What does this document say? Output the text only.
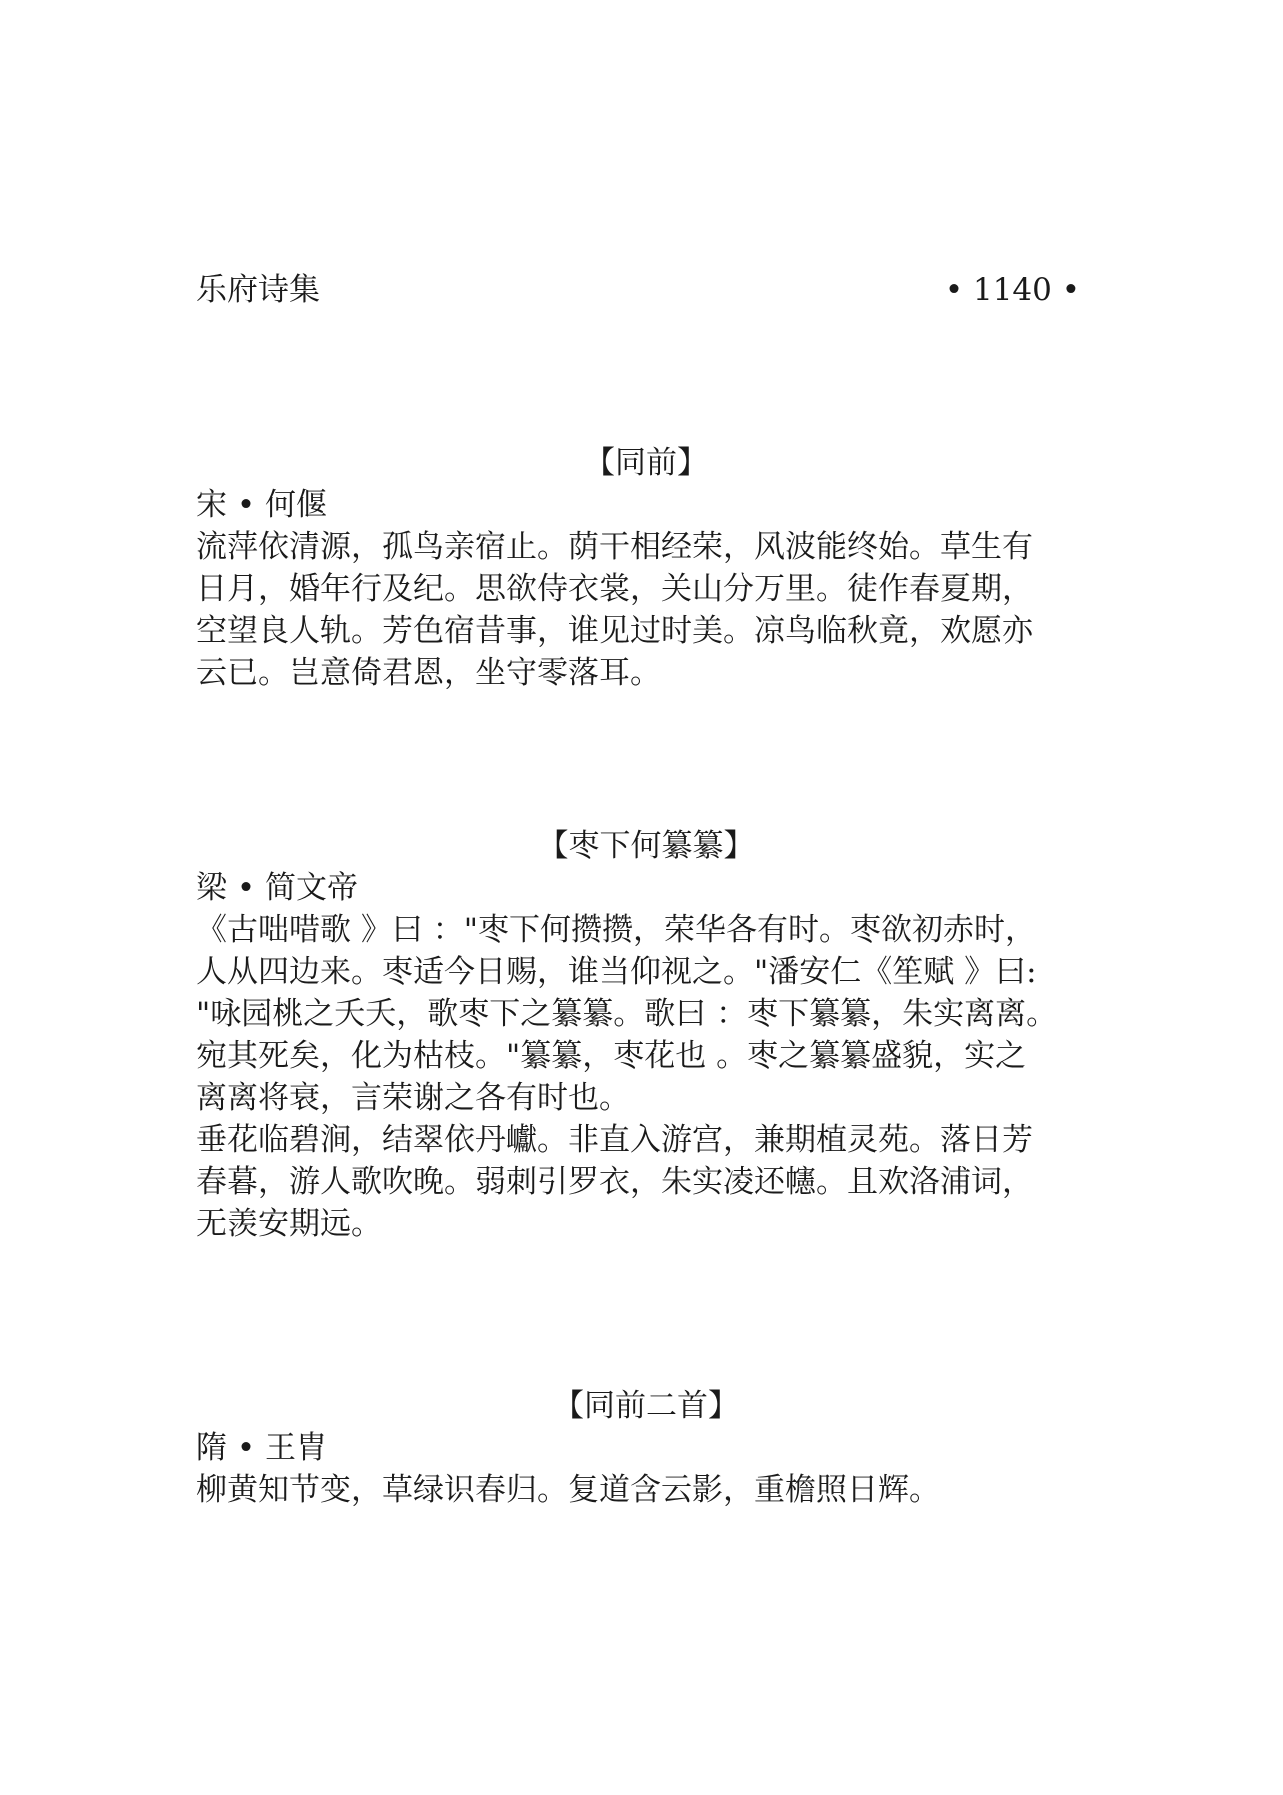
乐府诗集	• 1140 •
【同前】
宋 • 何偃
流萍依清源，孤鸟亲宿止。荫干相经荣，风波能终始。草生有
日月，婚年行及纪。思欲侍衣裳，关山分万里。徒作春夏期，
空望良人轨。芳色宿昔事，谁见过时美。凉鸟临秋竟，欢愿亦
云已。岂意倚君恩，坐守零落耳。
【枣下何纂纂】
梁 • 简文帝
《古咄唶歌 》曰 ："枣下何攒攒，荣华各有时。枣欲初赤时，
人从四边来。枣适今日赐，谁当仰视之。"潘安仁《笙赋 》曰:
"咏园桃之夭夭，歌枣下之纂纂。歌曰 ：枣下纂纂，朱实离离。
宛其死矣，化为枯枝。"纂纂，枣花也 。枣之纂纂盛貌，实之
离离将衰，言荣谢之各有时也。
垂花临碧涧，结翠依丹巘。非直入游宫，兼期植灵苑。落日芳
春暮，游人歌吹晚。弱刺引罗衣，朱实凌还幰。且欢洛浦词，
无羡安期远。
【同前二首】
隋 • 王胄
柳黄知节变，草绿识春归。复道含云影，重檐照日辉。
